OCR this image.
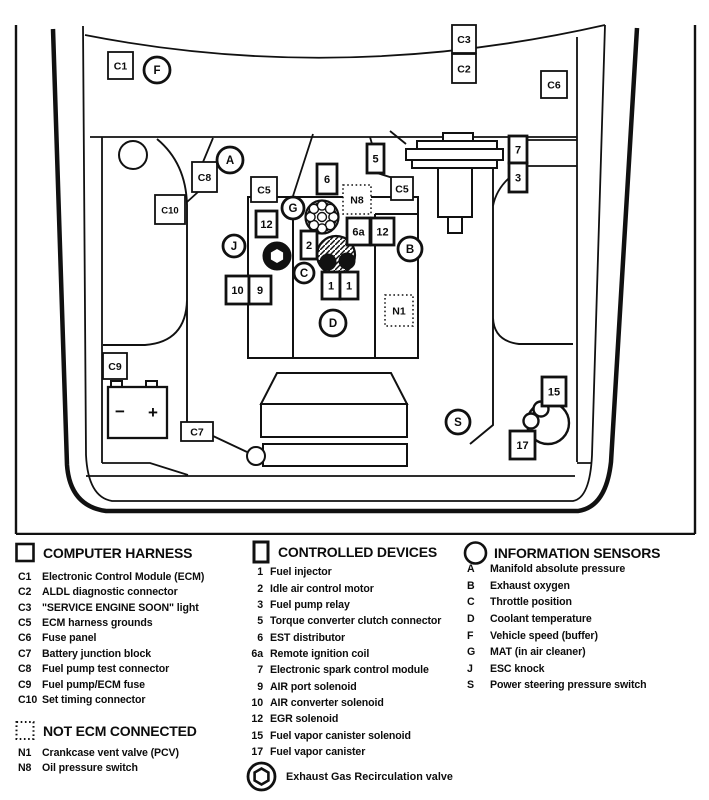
− +
N8
N1
C1
C3
C2
C6
C8
C10
C5	C5
C9
C7
6
5
7
3
12
2
6a 12
10 9	1 1
15
17
F
A
G
J	B
C
D
S
COMPUTER HARNESS
C1	Electronic Control Module (ECM)
C2	ALDL diagnostic connector
C3	"SERVICE ENGINE SOON" light
C5	ECM harness grounds
C6	Fuse panel
C7	Battery junction block
C8	Fuel pump test connector
C9	Fuel pump/ECM fuse
C10 Set timing connector
NOT ECM CONNECTED
N1	Crankcase vent valve (PCV)
N8	Oil pressure switch
CONTROLLED DEVICES
1 Fuel injector
2 Idle air control motor
3 Fuel pump relay
5 Torque converter clutch connector
6 EST distributor
6a Remote ignition coil
7 Electronic spark control module
9 AIR port solenoid
10 AIR converter solenoid
12 EGR solenoid
15 Fuel vapor canister solenoid
17 Fuel vapor canister
Exhaust Gas Recirculation valve
INFORMATION SENSORS
A	Manifold absolute pressure
B	Exhaust oxygen
C	Throttle position
D	Coolant temperature
F	Vehicle speed (buffer)
G	MAT (in air cleaner)
J	ESC knock
S	Power steering pressure switch
